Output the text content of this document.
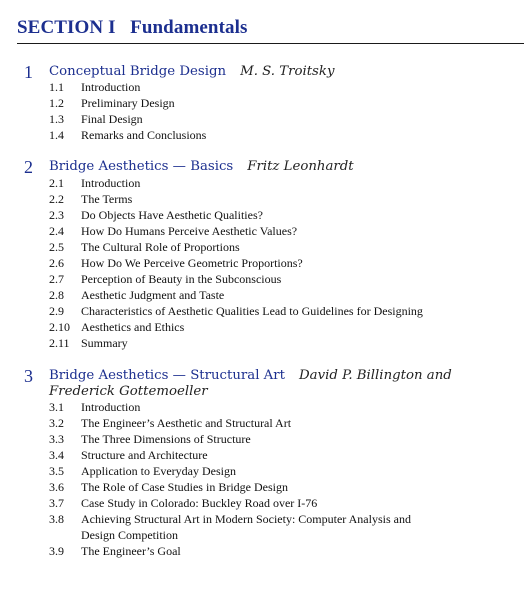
SECTION I Fundamentals
1 Conceptual Bridge Design M. S. Troitsky
1.1 Introduction
1.2 Preliminary Design
1.3 Final Design
1.4 Remarks and Conclusions
2 Bridge Aesthetics — Basics Fritz Leonhardt
2.1 Introduction
2.2 The Terms
2.3 Do Objects Have Aesthetic Qualities?
2.4 How Do Humans Perceive Aesthetic Values?
2.5 The Cultural Role of Proportions
2.6 How Do We Perceive Geometric Proportions?
2.7 Perception of Beauty in the Subconscious
2.8 Aesthetic Judgment and Taste
2.9 Characteristics of Aesthetic Qualities Lead to Guidelines for Designing
2.10 Aesthetics and Ethics
2.11 Summary
3 Bridge Aesthetics — Structural Art David P. Billington and
Frederick Gottemoeller
3.1 Introduction
3.2 The Engineer’s Aesthetic and Structural Art
3.3 The Three Dimensions of Structure
3.4 Structure and Architecture
3.5 Application to Everyday Design
3.6 The Role of Case Studies in Bridge Design
3.7 Case Study in Colorado: Buckley Road over I-76
3.8 Achieving Structural Art in Modern Society: Computer Analysis and
Design Competition
3.9 The Engineer’s Goal
